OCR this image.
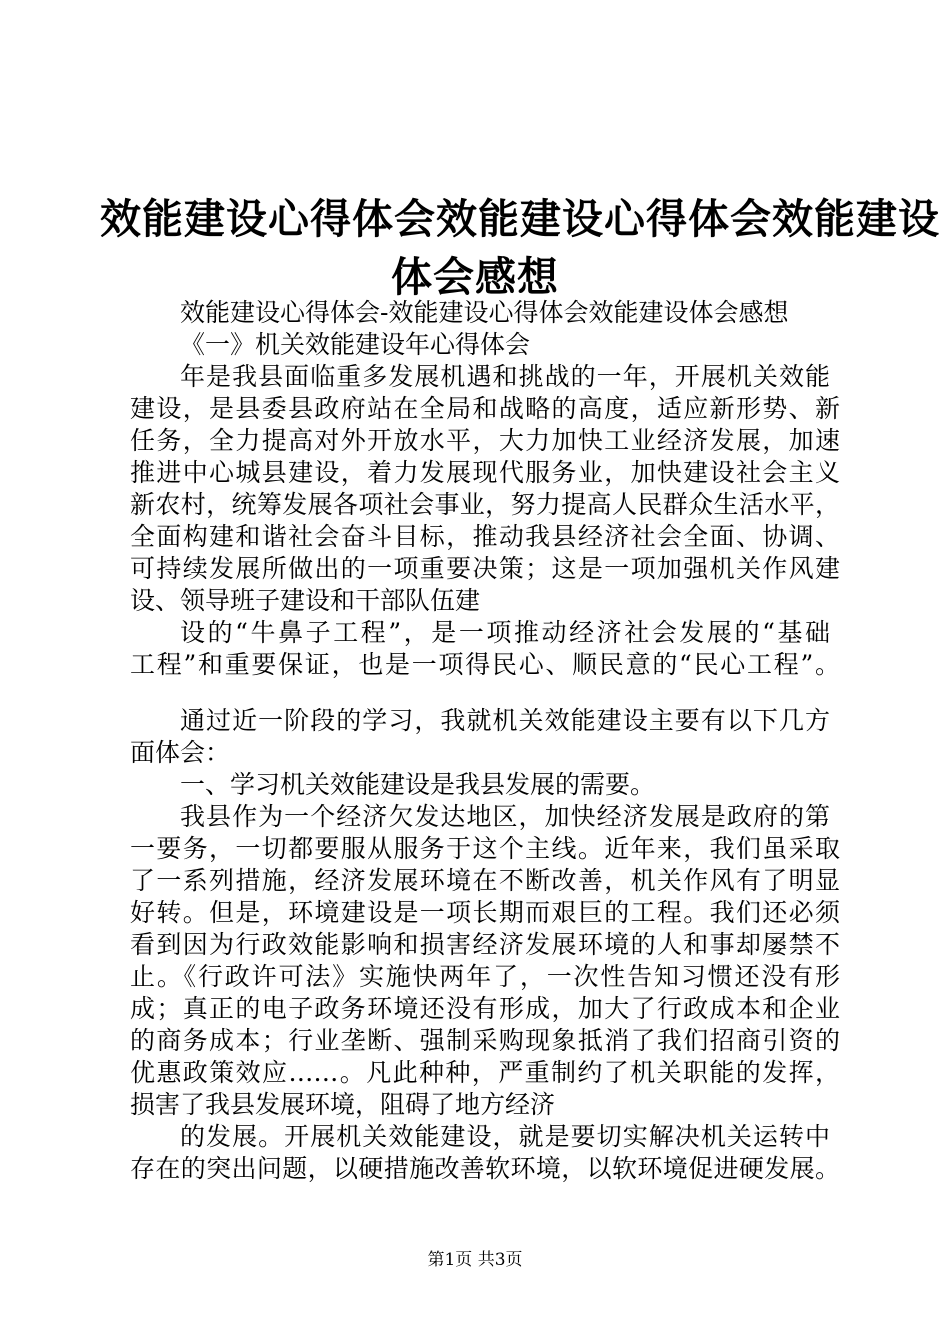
效能建设心得体会效能建设心得体会效能建设
体会感想
效能建设心得体会-效能建设心得体会效能建设体会感想
《一》机关效能建设年心得体会
年是我县面临重多发展机遇和挑战的一年，开展机关效能
建设，是县委县政府站在全局和战略的高度，适应新形势、新
任务，全力提高对外开放水平，大力加快工业经济发展，加速
推进中心城县建设，着力发展现代服务业，加快建设社会主义
新农村，统筹发展各项社会事业，努力提高人民群众生活水平，
全面构建和谐社会奋斗目标，推动我县经济社会全面、协调、
可持续发展所做出的一项重要决策；这是一项加强机关作风建
设、领导班子建设和干部队伍建
设的“牛鼻子工程”，是一项推动经济社会发展的“基础
工程”和重要保证，也是一项得民心、顺民意的“民心工程”。
通过近一阶段的学习，我就机关效能建设主要有以下几方
面体会：
一、学习机关效能建设是我县发展的需要。
我县作为一个经济欠发达地区，加快经济发展是政府的第
一要务，一切都要服从服务于这个主线。近年来，我们虽采取
了一系列措施，经济发展环境在不断改善，机关作风有了明显
好转。但是，环境建设是一项长期而艰巨的工程。我们还必须
看到因为行政效能影响和损害经济发展环境的人和事却屡禁不
止。《行政许可法》实施快两年了，一次性告知习惯还没有形
成；真正的电子政务环境还没有形成，加大了行政成本和企业
的商务成本；行业垄断、强制采购现象抵消了我们招商引资的
优惠政策效应……。凡此种种，严重制约了机关职能的发挥，
损害了我县发展环境，阻碍了地方经济
的发展。开展机关效能建设，就是要切实解决机关运转中
存在的突出问题，以硬措施改善软环境，以软环境促进硬发展。
第1页 共3页
